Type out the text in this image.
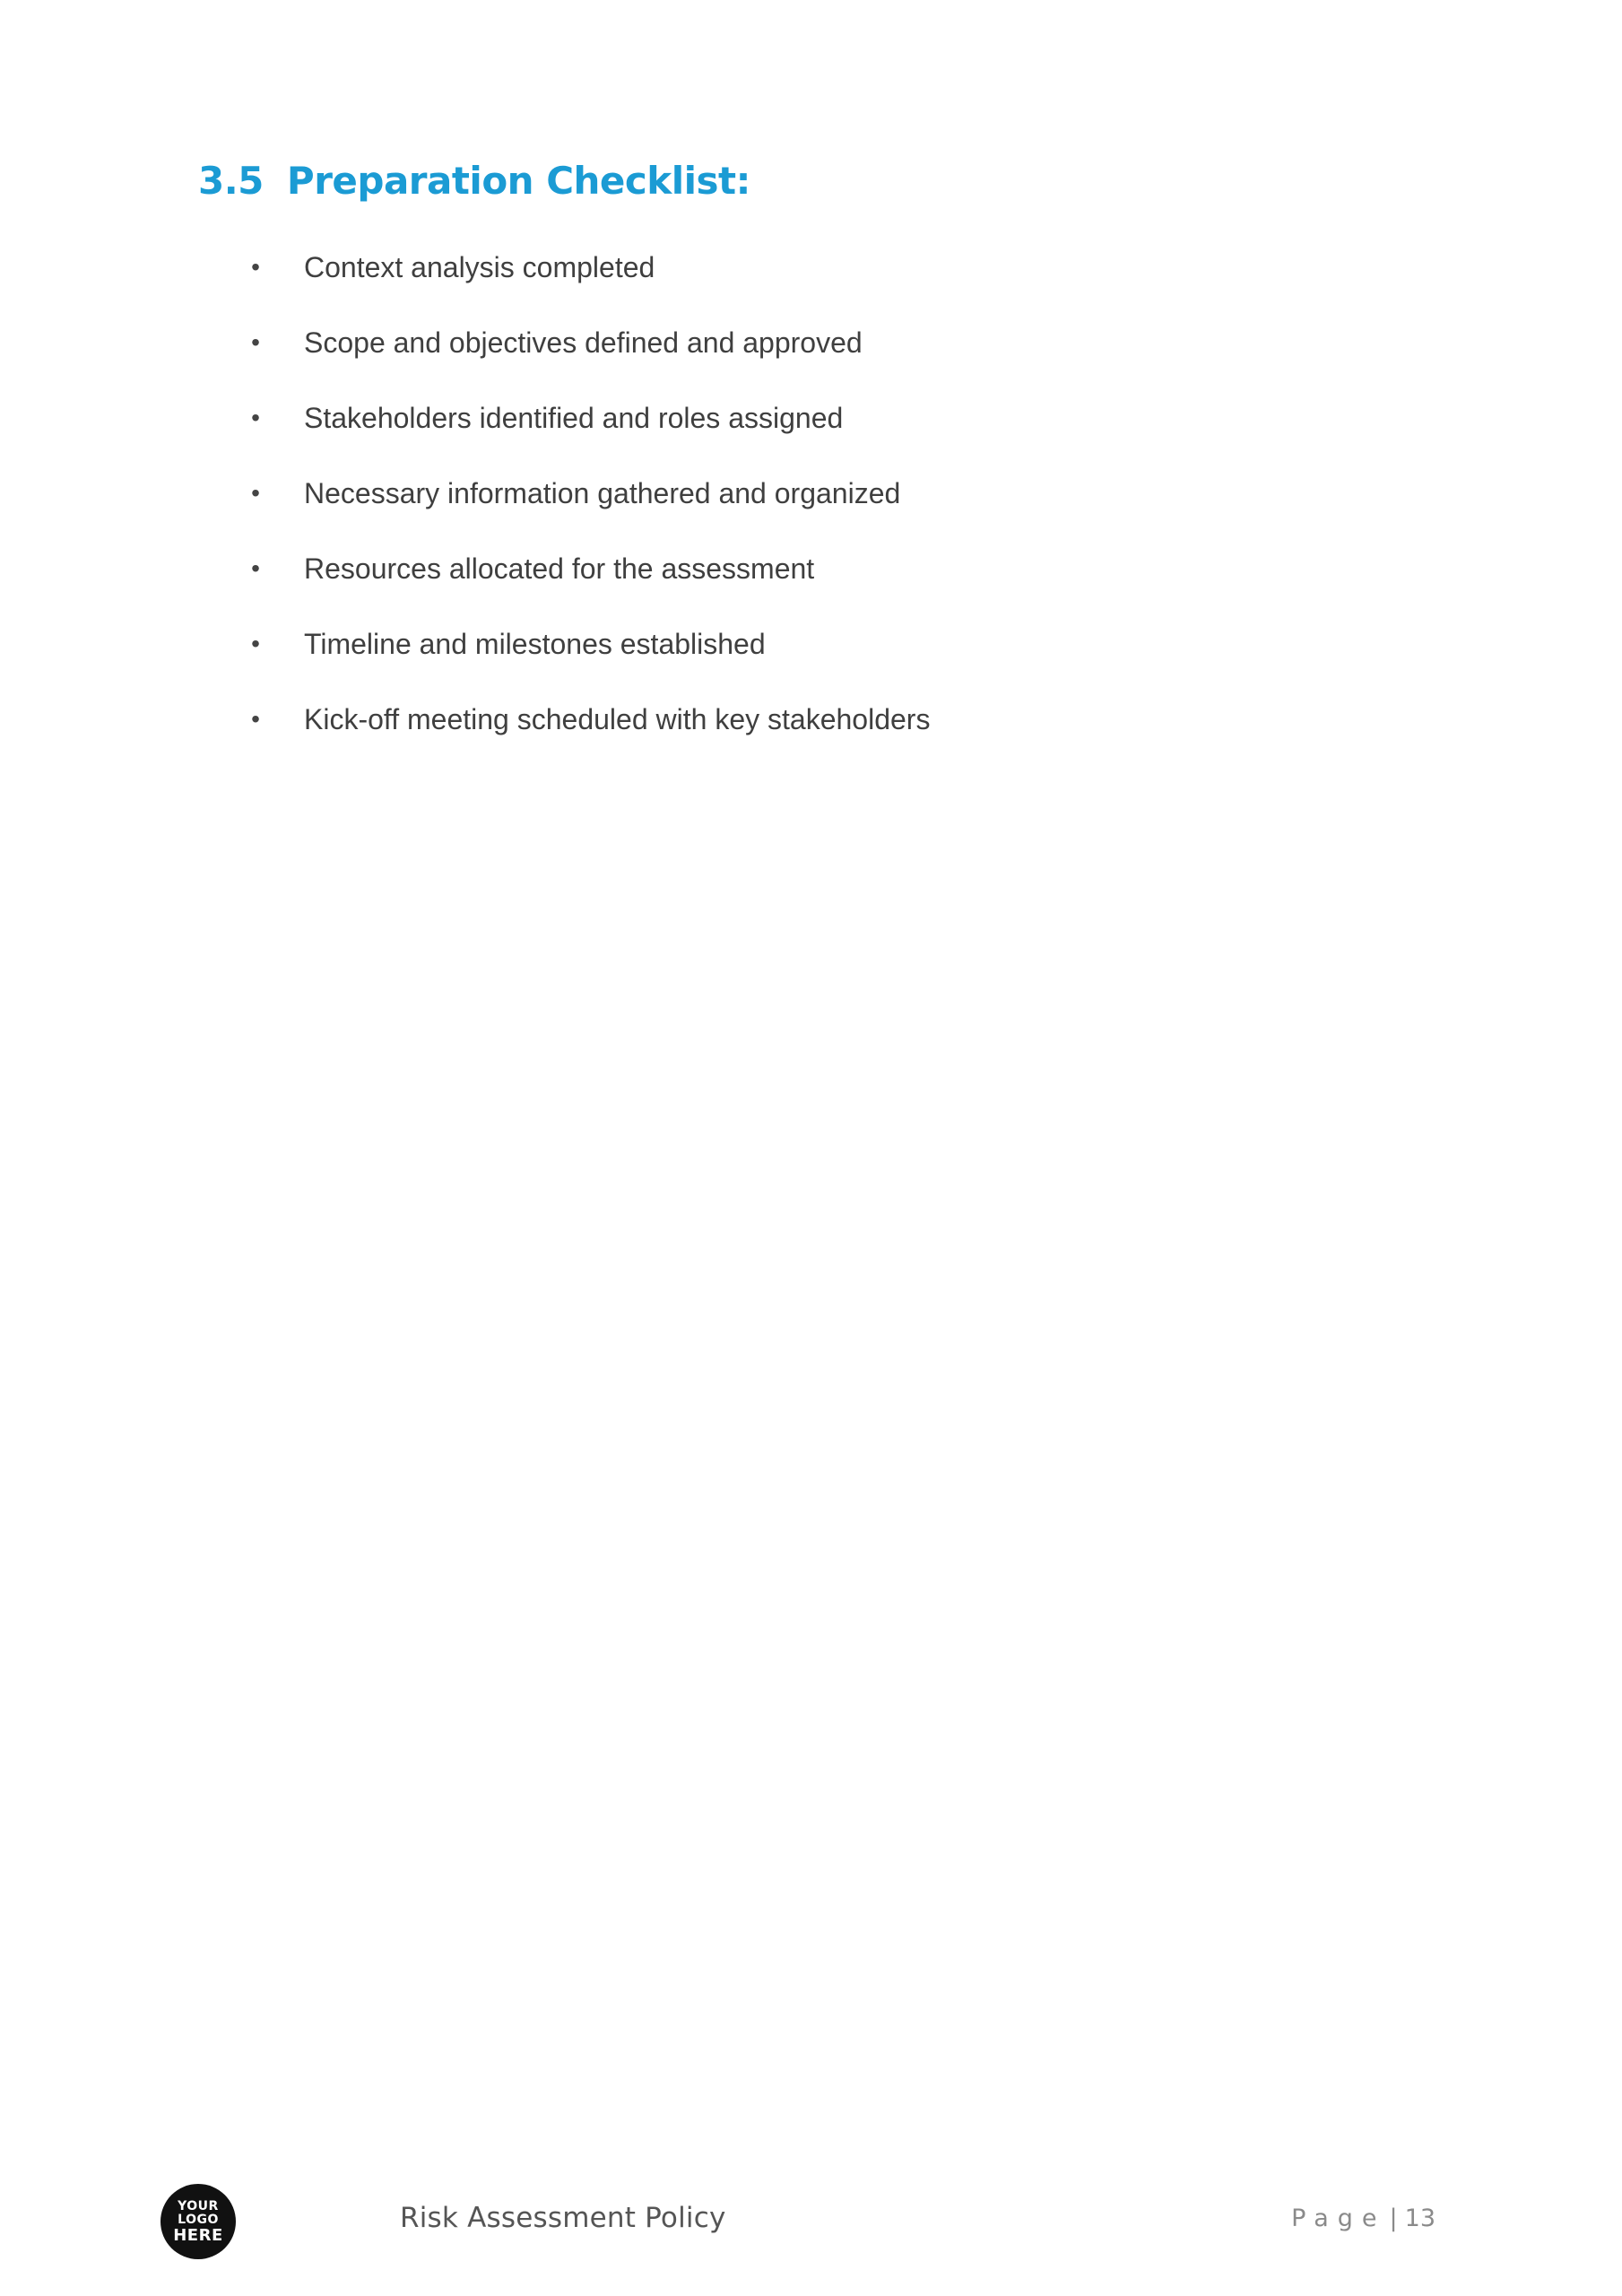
3.5 Preparation Checklist:
• Context analysis completed
• Scope and objectives defined and approved
• Stakeholders identified and roles assigned
• Necessary information gathered and organized
• Resources allocated for the assessment
• Timeline and milestones established
• Kick-off meeting scheduled with key stakeholders
YOUR
LOGO
HERE
Risk Assessment Policy	Page | 13
